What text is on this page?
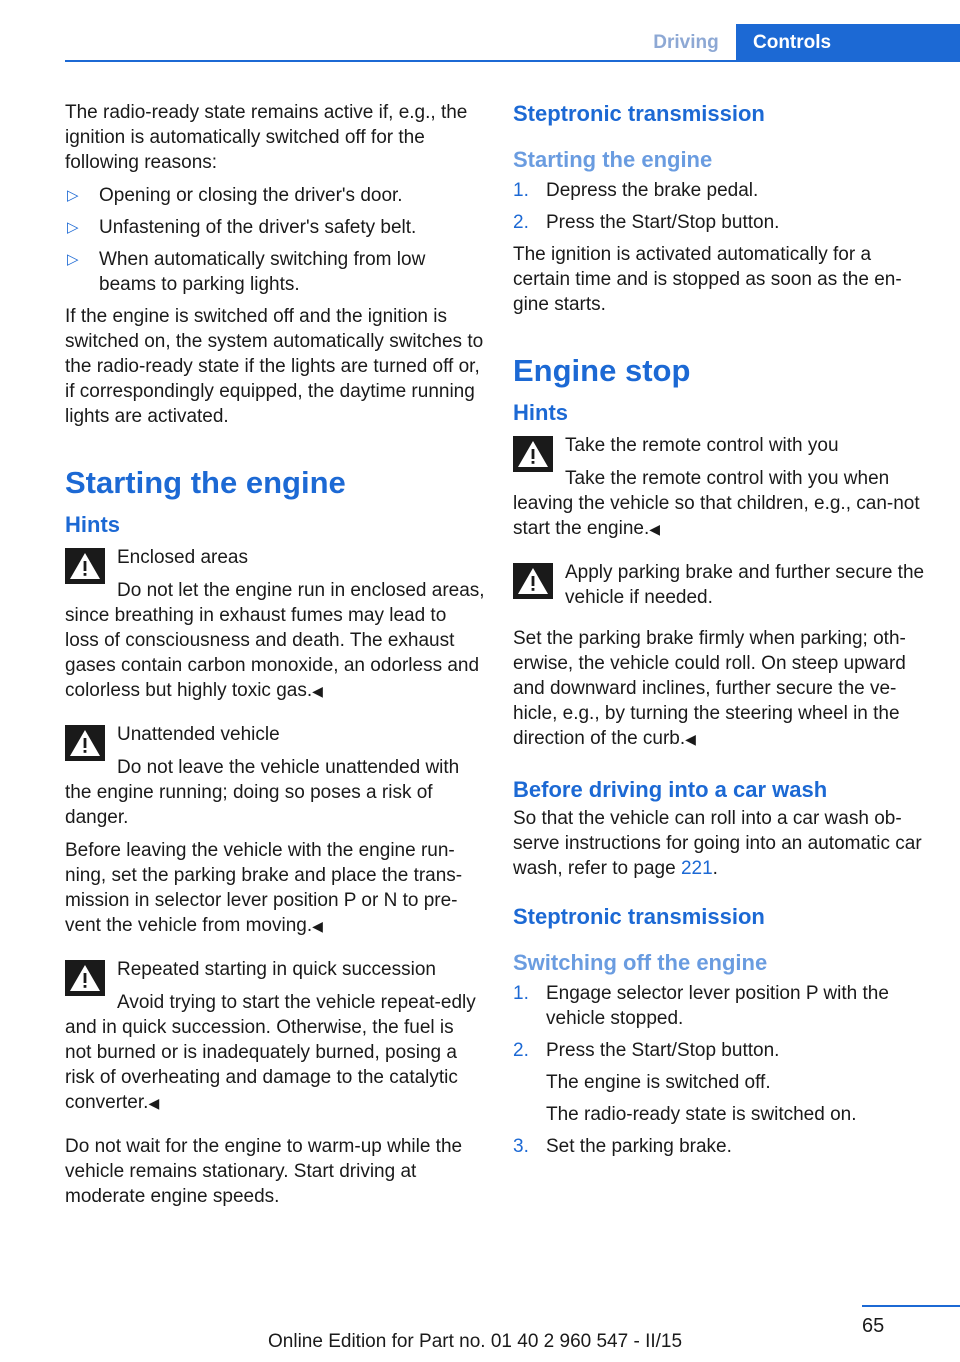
Driving	Controls

The radio-ready state remains active if, e.g., the ignition is automatically switched off for the following reasons:

▷ Opening or closing the driver's door.
▷ Unfastening of the driver's safety belt.
▷ When automatically switching from low beams to parking lights.

If the engine is switched off and the ignition is switched on, the system automatically switches to the radio-ready state if the lights are turned off or, if correspondingly equipped, the daytime running lights are activated.

Starting the engine
Hints

Enclosed areas

Do not let the engine run in enclosed areas, since breathing in exhaust fumes may lead to loss of consciousness and death. The exhaust gases contain carbon monoxide, an odorless and colorless but highly toxic gas.◀

Unattended vehicle

Do not leave the vehicle unattended with the engine running; doing so poses a risk of danger.

Before leaving the vehicle with the engine run-ning, set the parking brake and place the trans-mission in selector lever position P or N to pre-vent the vehicle from moving.◀

Repeated starting in quick succession

Avoid trying to start the vehicle repeat-edly and in quick succession. Otherwise, the fuel is not burned or is inadequately burned, posing a risk of overheating and damage to the catalytic converter.◀

Do not wait for the engine to warm-up while the vehicle remains stationary. Start driving at moderate engine speeds.

Steptronic transmission
Starting the engine
1. Depress the brake pedal.
2. Press the Start/Stop button.

The ignition is activated automatically for a certain time and is stopped as soon as the en-gine starts.

Engine stop
Hints

Take the remote control with you

Take the remote control with you when leaving the vehicle so that children, e.g., can-not start the engine.◀

Apply parking brake and further secure the vehicle if needed.

Set the parking brake firmly when parking; oth-erwise, the vehicle could roll. On steep upward and downward inclines, further secure the ve-hicle, e.g., by turning the steering wheel in the direction of the curb.◀

Before driving into a car wash

So that the vehicle can roll into a car wash ob-serve instructions for going into an automatic car wash, refer to page 221.

Steptronic transmission
Switching off the engine
1. Engage selector lever position P with the vehicle stopped.
2. Press the Start/Stop button.
The engine is switched off.
The radio-ready state is switched on.
3. Set the parking brake.
65
Online Edition for Part no. 01 40 2 960 547 - II/15
